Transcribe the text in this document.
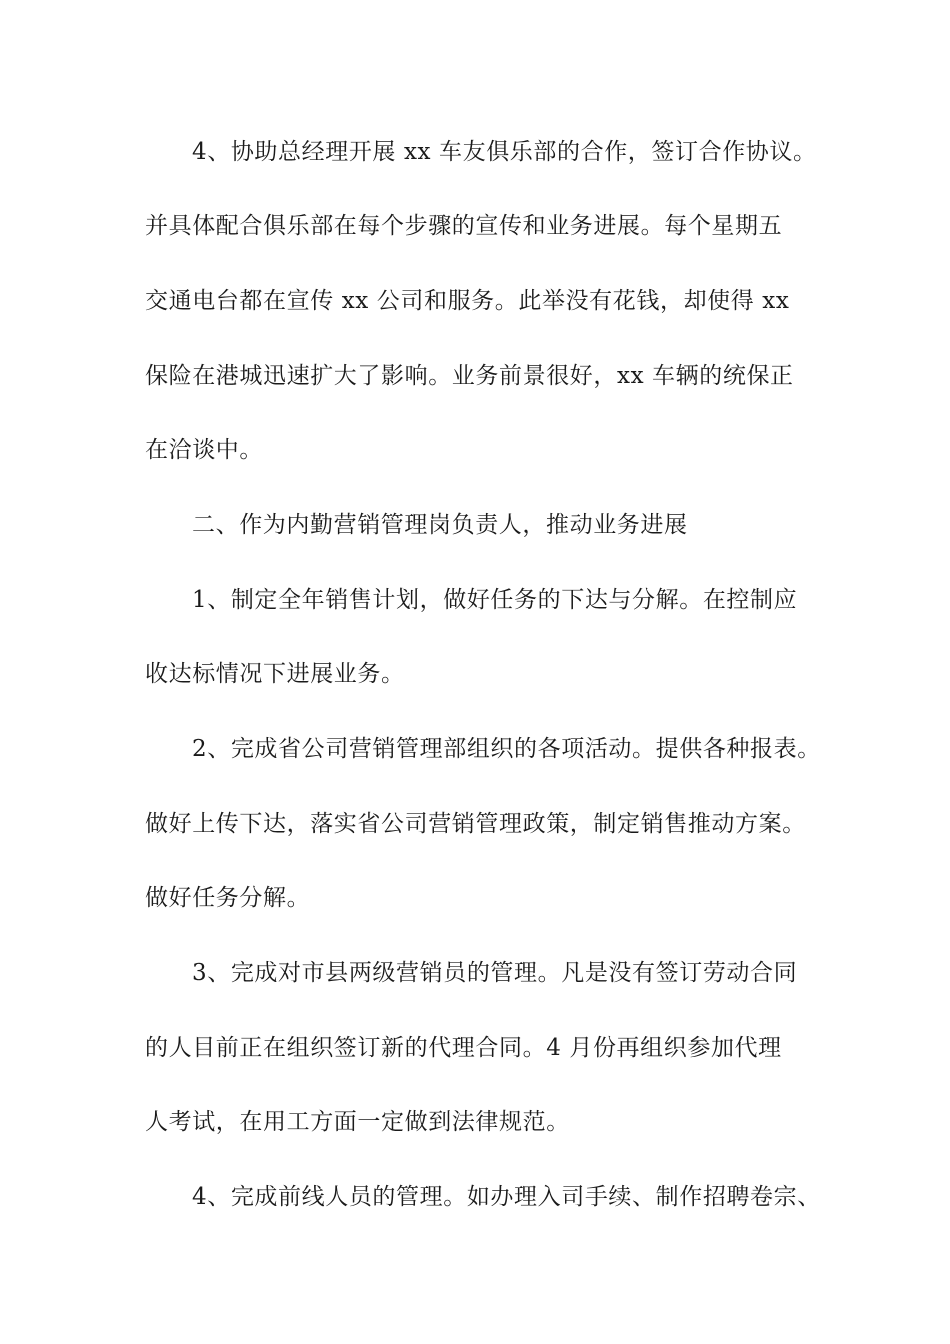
4、协助总经理开展 xx 车友俱乐部的合作，签订合作协议。
并具体配合俱乐部在每个步骤的宣传和业务进展。每个星期五
交通电台都在宣传 xx 公司和服务。此举没有花钱，却使得 xx
保险在港城迅速扩大了影响。业务前景很好，xx 车辆的统保正
在洽谈中。
二、作为内勤营销管理岗负责人，推动业务进展
1、制定全年销售计划，做好任务的下达与分解。在控制应
收达标情况下进展业务。
2、完成省公司营销管理部组织的各项活动。提供各种报表。
做好上传下达，落实省公司营销管理政策，制定销售推动方案。
做好任务分解。
3、完成对市县两级营销员的管理。凡是没有签订劳动合同
的人目前正在组织签订新的代理合同。4 月份再组织参加代理
人考试，在用工方面一定做到法律规范。
4、完成前线人员的管理。如办理入司手续、制作招聘卷宗、
